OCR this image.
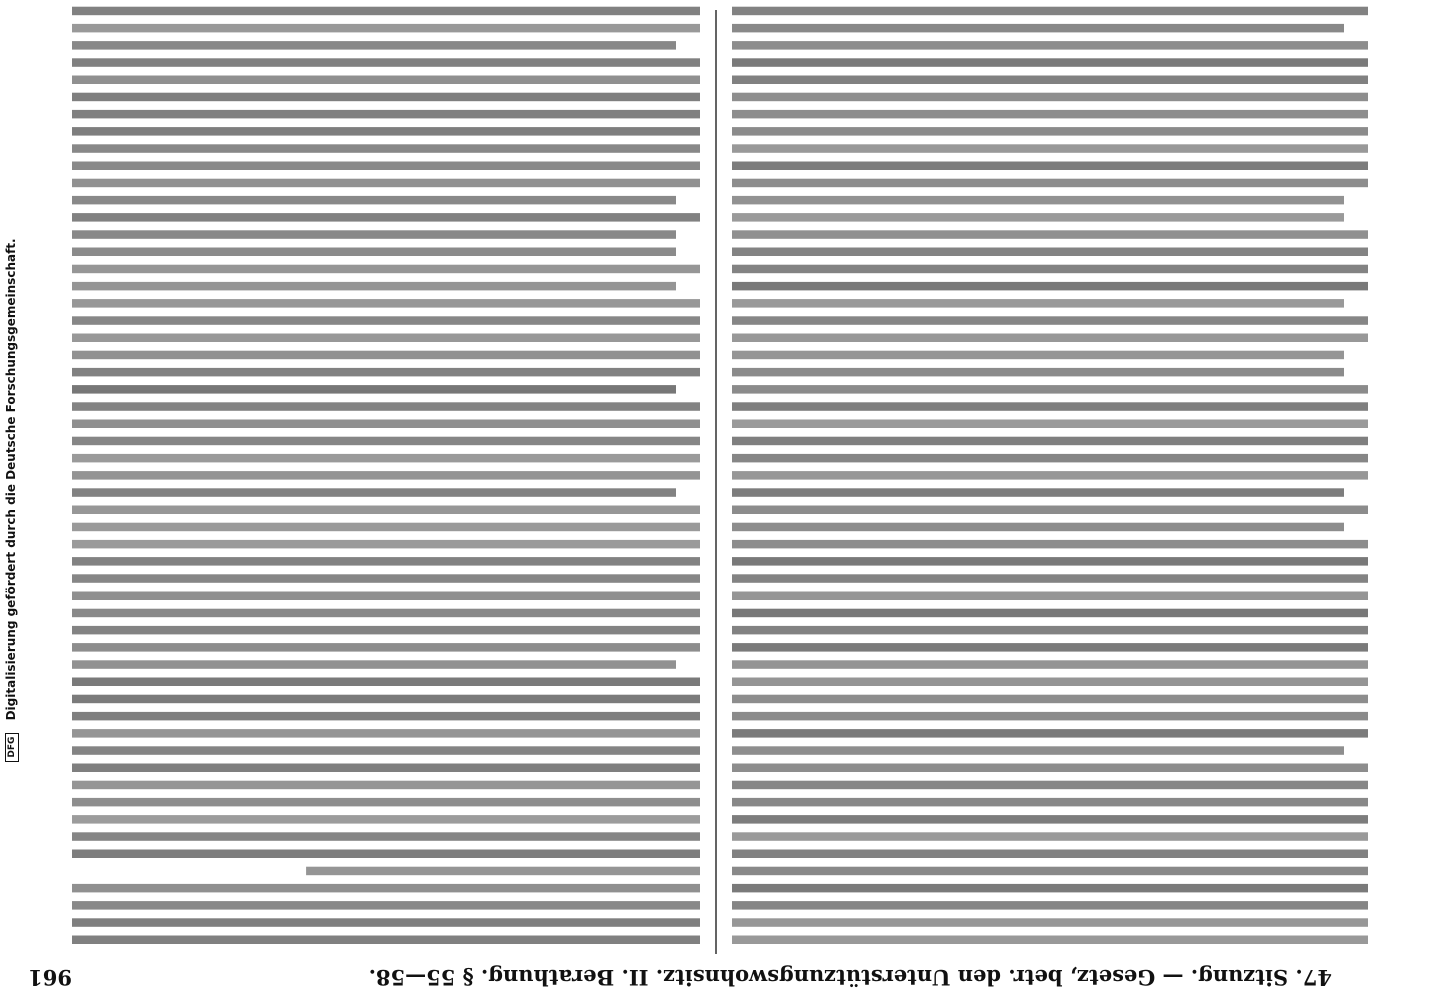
47. Sitzung. — Gesetz, betr. den Unterstützungswohnsitz. II. Berathung. § 55—58.
961
DFG Digitalisierung gefördert durch die Deutsche Forschungsgemeinschaft.
